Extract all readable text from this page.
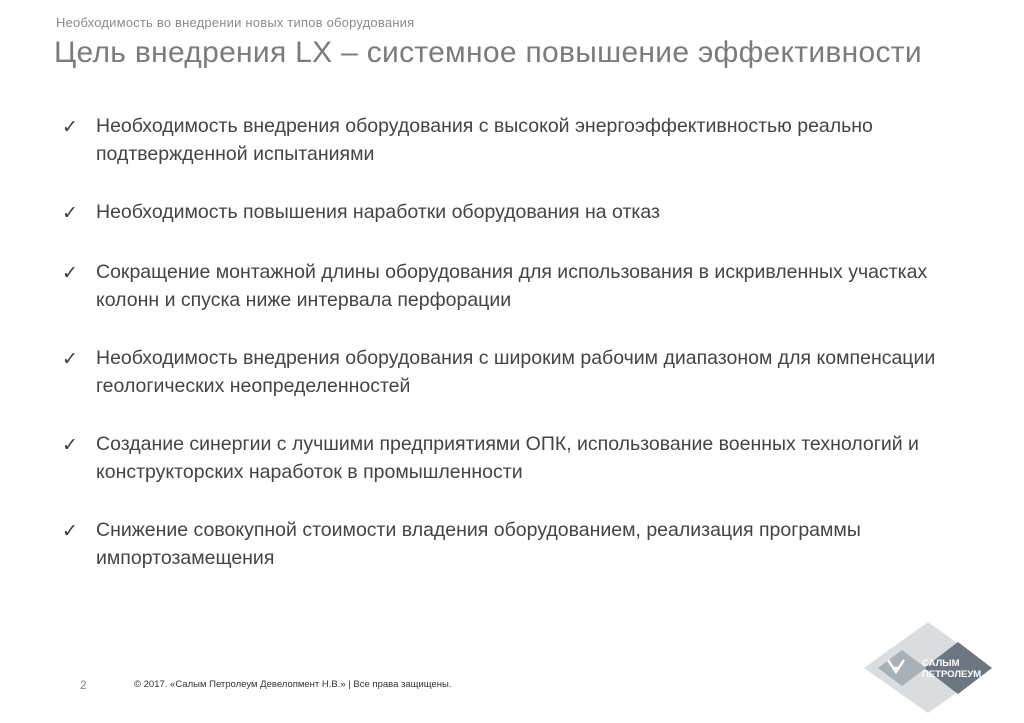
Необходимость во внедрении новых типов оборудования
Цель внедрения LX – системное повышение эффективности
✓ Необходимость внедрения оборудования с высокой энергоэффективностью реально подтвержденной испытаниями
✓ Необходимость повышения наработки оборудования на отказ
✓ Сокращение монтажной длины оборудования для использования в искривленных участках колонн и спуска ниже интервала перфорации
✓ Необходимость внедрения оборудования с широким рабочим диапазоном для компенсации геологических неопределенностей
✓ Создание синергии с лучшими предприятиями ОПК, использование военных технологий и конструкторских наработок в промышленности
✓ Снижение совокупной стоимости владения оборудованием, реализация программы импортозамещения
2	© 2017. «Салым Петролеум Девелопмент Н.В.» | Все права защищены.
САЛЫМ
ПЕТРОЛЕУМ
